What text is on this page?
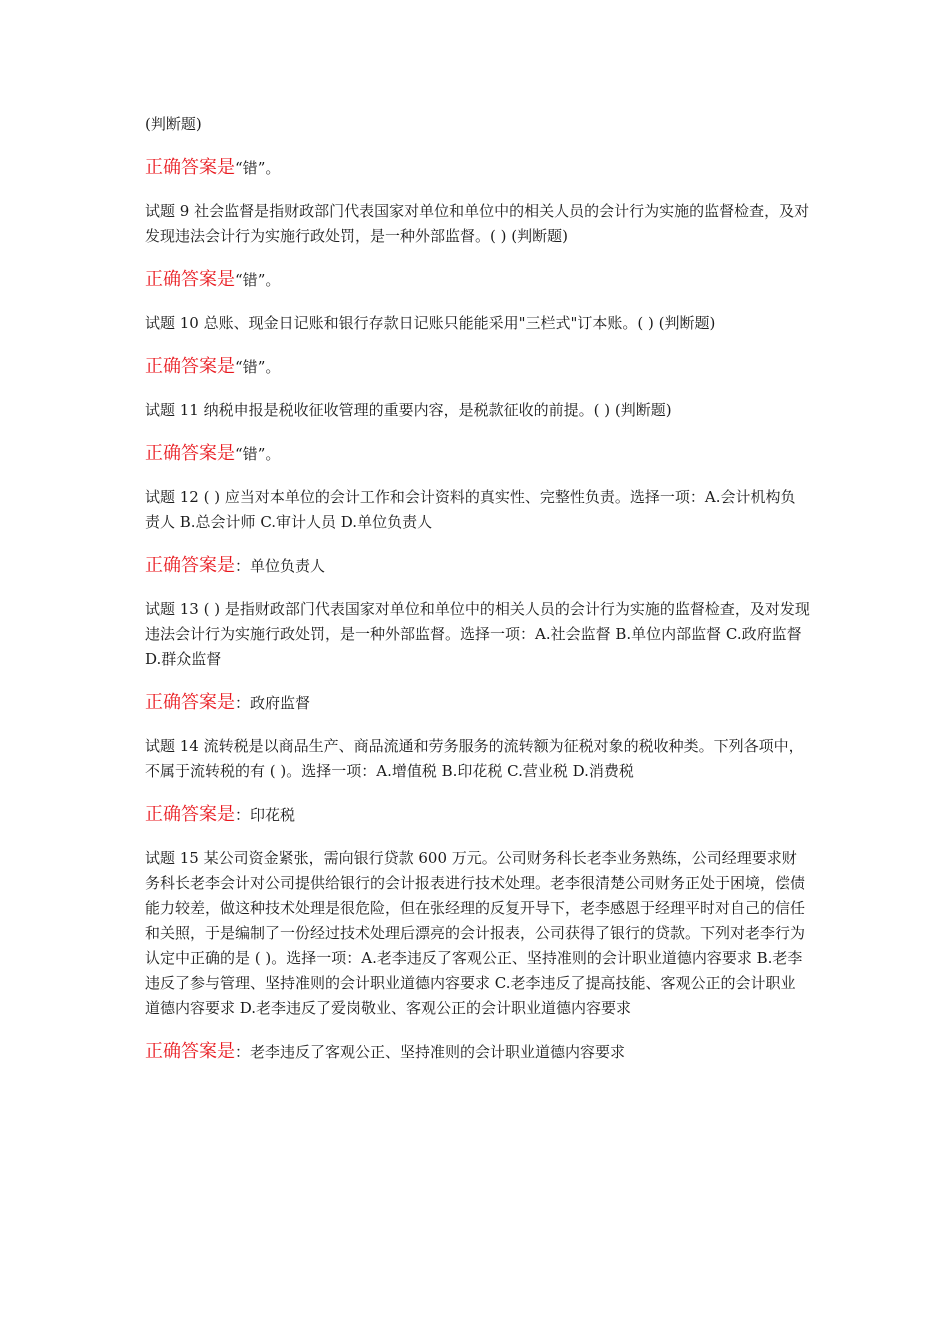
(判断题)

正确答案是“错”。

试题 9 社会监督是指财政部门代表国家对单位和单位中的相关人员的会计行为实施的监督检查，及对发现违法会计行为实施行政处罚，是一种外部监督。( ) (判断题)

正确答案是“错”。

试题 10 总账、现金日记账和银行存款日记账只能能采用"三栏式"订本账。( ) (判断题)

正确答案是“错”。

试题 11 纳税申报是税收征收管理的重要内容，是税款征收的前提。( ) (判断题)

正确答案是“错”。

试题 12 ( ) 应当对本单位的会计工作和会计资料的真实性、完整性负责。选择一项：A.会计机构负责人 B.总会计师 C.审计人员 D.单位负责人

正确答案是：单位负责人

试题 13 ( ) 是指财政部门代表国家对单位和单位中的相关人员的会计行为实施的监督检查，及对发现违法会计行为实施行政处罚，是一种外部监督。选择一项：A.社会监督 B.单位内部监督 C.政府监督 D.群众监督

正确答案是：政府监督

试题 14 流转税是以商品生产、商品流通和劳务服务的流转额为征税对象的税收种类。下列各项中，不属于流转税的有 ( )。选择一项：A.增值税 B.印花税 C.营业税 D.消费税

正确答案是：印花税

试题 15 某公司资金紧张，需向银行贷款 600 万元。公司财务科长老李业务熟练，公司经理要求财务科长老李会计对公司提供给银行的会计报表进行技术处理。老李很清楚公司财务正处于困境，偿债能力较差，做这种技术处理是很危险，但在张经理的反复开导下，老李感恩于经理平时对自己的信任和关照，于是编制了一份经过技术处理后漂亮的会计报表，公司获得了银行的贷款。下列对老李行为认定中正确的是 ( )。选择一项：A.老李违反了客观公正、坚持准则的会计职业道德内容要求 B.老李违反了参与管理、坚持准则的会计职业道德内容要求 C.老李违反了提高技能、客观公正的会计职业道德内容要求 D.老李违反了爱岗敬业、客观公正的会计职业道德内容要求

正确答案是：老李违反了客观公正、坚持准则的会计职业道德内容要求
